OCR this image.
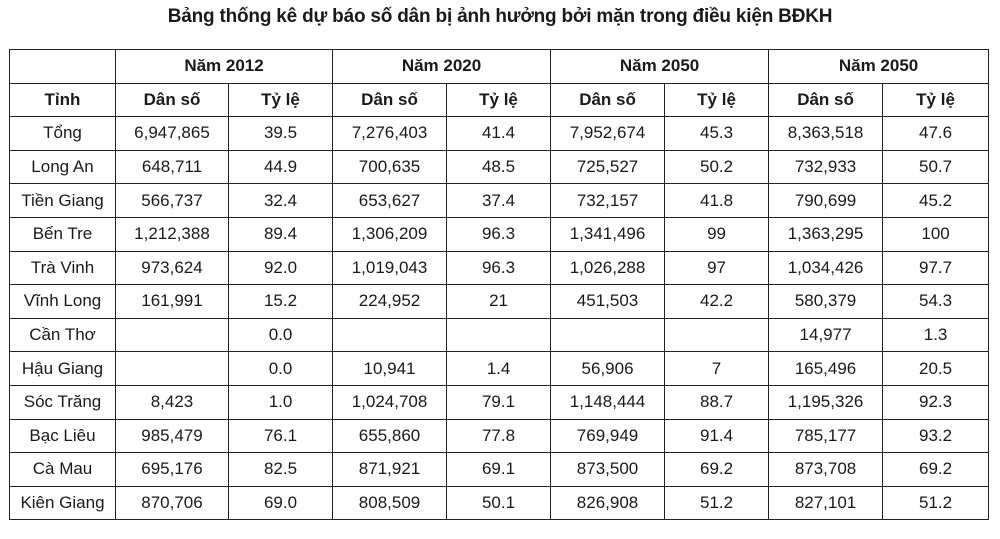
Bảng thống kê dự báo số dân bị ảnh hưởng bởi mặn trong điều kiện BĐKH
	Năm 2012		Năm 2020		Năm 2050		Năm 2050	
Tỉnh	Dân số	Tỷ lệ	Dân số	Tỷ lệ	Dân số	Tỷ lệ	Dân số	Tỷ lệ
Tổng	6,947,865	39.5	7,276,403	41.4	7,952,674	45.3	8,363,518	47.6
Long An	648,711	44.9	700,635	48.5	725,527	50.2	732,933	50.7
Tiền Giang	566,737	32.4	653,627	37.4	732,157	41.8	790,699	45.2
Bến Tre	1,212,388	89.4	1,306,209	96.3	1,341,496	99	1,363,295	100
Trà Vinh	973,624	92.0	1,019,043	96.3	1,026,288	97	1,034,426	97.7
Vĩnh Long	161,991	15.2	224,952	21	451,503	42.2	580,379	54.3
Cần Thơ		0.0					14,977	1.3
Hậu Giang		0.0	10,941	1.4	56,906	7	165,496	20.5
Sóc Trăng	8,423	1.0	1,024,708	79.1	1,148,444	88.7	1,195,326	92.3
Bạc Liêu	985,479	76.1	655,860	77.8	769,949	91.4	785,177	93.2
Cà Mau	695,176	82.5	871,921	69.1	873,500	69.2	873,708	69.2
Kiên Giang	870,706	69.0	808,509	50.1	826,908	51.2	827,101	51.2
